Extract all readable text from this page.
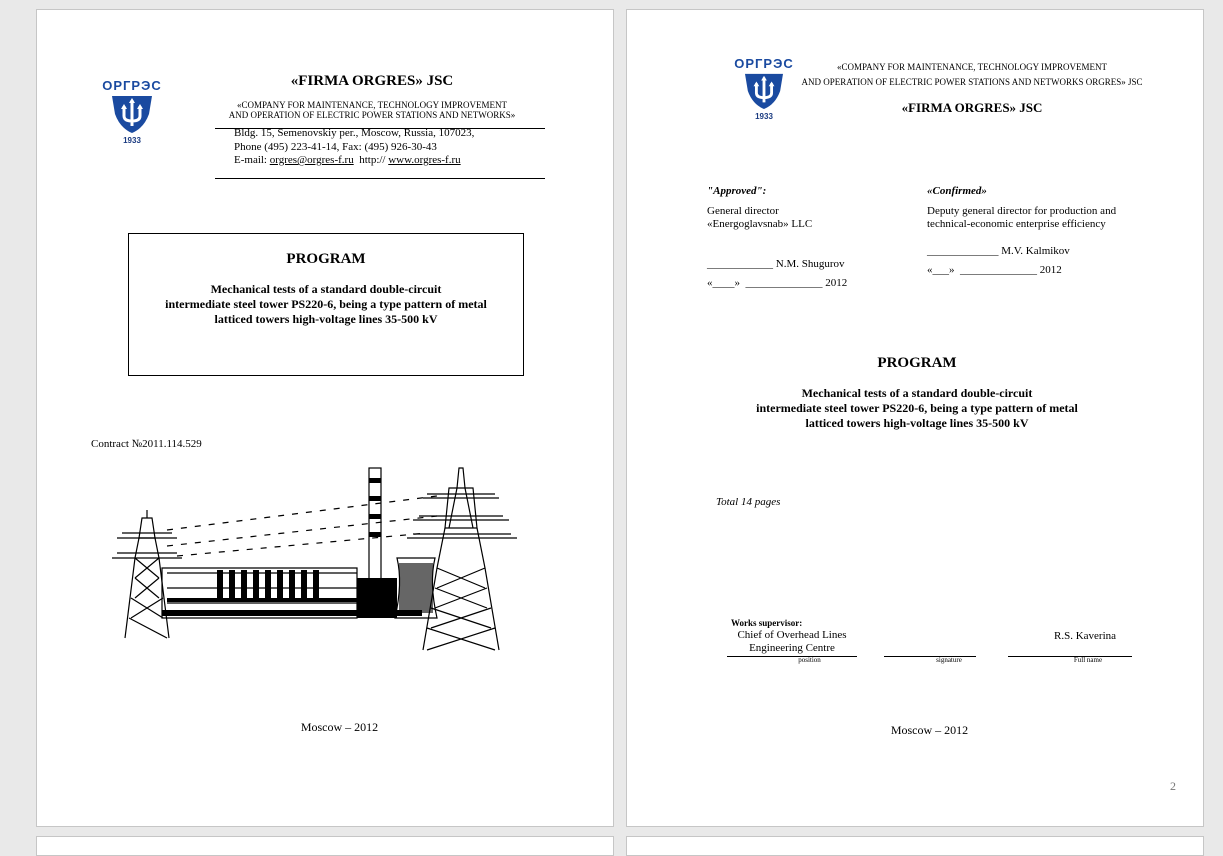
ОРГРЭС
1933
«FIRMA ORGRES» JSC
«COMPANY FOR MAINTENANCE, TECHNOLOGY IMPROVEMENT
AND OPERATION OF ELECTRIC POWER STATIONS AND NETWORKS»
Bldg. 15, Semenovskiy per., Moscow, Russia, 107023,
Phone (495) 223-41-14, Fax: (495) 926-30-43
E-mail: orgres@orgres-f.ru  http:// www.orgres-f.ru
PROGRAM
Mechanical tests of a standard double-circuit
intermediate steel tower PS220-6, being a type pattern of metal
latticed towers high-voltage lines 35-500 kV
Contract №2011.114.529
Moscow – 2012
ОРГРЭС
1933
«COMPANY FOR MAINTENANCE, TECHNOLOGY IMPROVEMENT
AND OPERATION OF ELECTRIC POWER STATIONS AND NETWORKS ORGRES» JSC
«FIRMA ORGRES» JSC
"Approved":
General director
«Energoglavsnab» LLC
____________ N.M. Shugurov
«____»  ______________ 2012
«Confirmed»
Deputy general director for production and
technical-economic enterprise efficiency
_____________ M.V. Kalmikov
«___»  ______________ 2012
PROGRAM
Mechanical tests of a standard double-circuit
intermediate steel tower PS220-6, being a type pattern of metal
latticed towers high-voltage lines 35-500 kV
Total 14 pages
Works supervisor:
Chief of Overhead Lines
Engineering Centre
R.S. Kaverina
position	signature	Full name
Moscow – 2012
2
